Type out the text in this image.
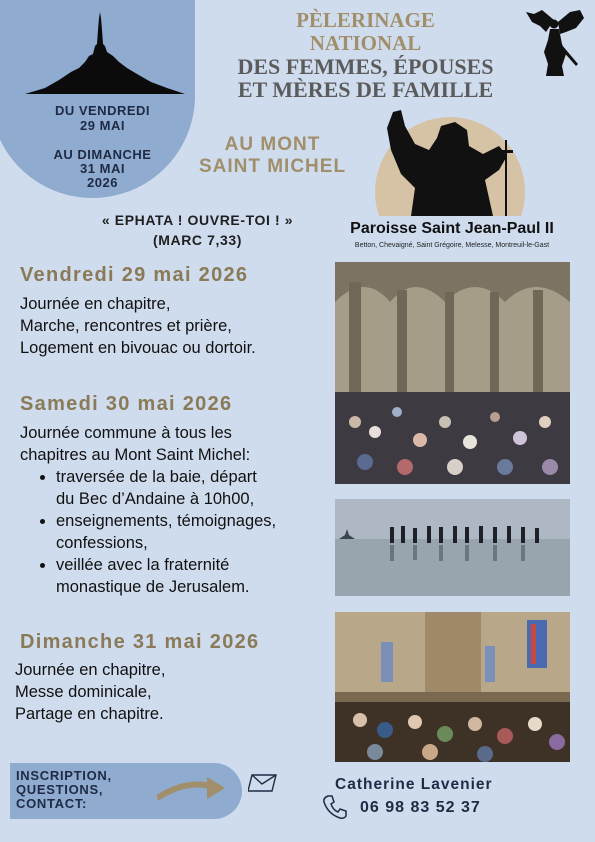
DU VENDREDI
29 MAI
AU DIMANCHE
31 MAI
2026
PÈLERINAGE
NATIONAL
DES FEMMES, ÉPOUSES
ET MÈRES DE FAMILLE
AU MONT
SAINT MICHEL
Paroisse Saint Jean-Paul II
Betton, Chevaigné, Saint Grégoire, Melesse, Montreuil-le-Gast
« EPHATA ! OUVRE-TOI ! »
(MARC 7,33)
Vendredi 29 mai 2026
Journée en chapitre,
Marche, rencontres et prière,
Logement en bivouac ou dortoir.
Samedi 30 mai 2026
Journée commune à tous les
chapitres au Mont Saint Michel:
• traversée de la baie, départ
du Bec d’Andaine à 10h00,
• enseignements, témoignages,
confessions,
• veillée avec la fraternité
monastique de Jerusalem.
Dimanche 31 mai 2026
Journée en chapitre,
Messe dominicale,
Partage en chapitre.
INSCRIPTION,
QUESTIONS,
CONTACT:
Catherine Lavenier
06 98 83 52 37
